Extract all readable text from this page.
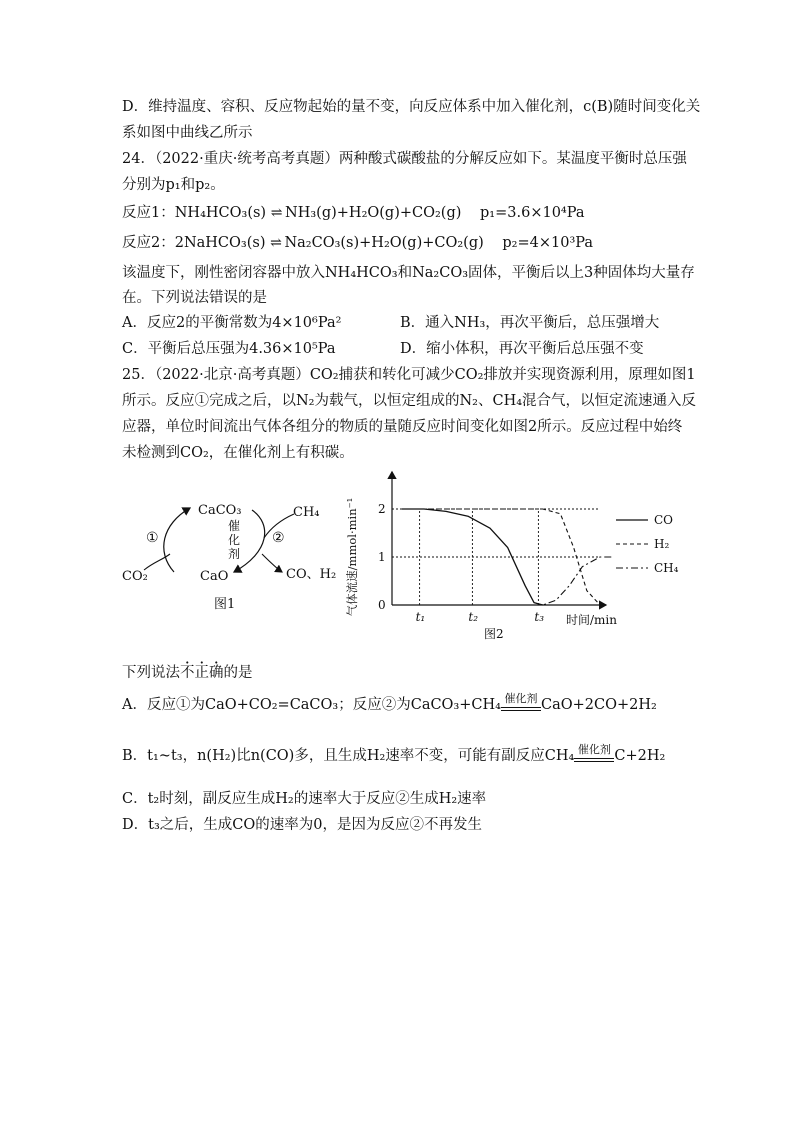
D．维持温度、容积、反应物起始的量不变，向反应体系中加入催化剂，c(B)随时间变化关
系如图中曲线乙所示
24．（2022·重庆·统考高考真题）两种酸式碳酸盐的分解反应如下。某温度平衡时总压强
分别为p₁和p₂。
反应1：NH₄HCO₃(s) ⇌ NH₃(g)+H₂O(g)+CO₂(g) p₁=3.6×10⁴Pa
反应2：2NaHCO₃(s) ⇌ Na₂CO₃(s)+H₂O(g)+CO₂(g) p₂=4×10³Pa
该温度下，刚性密闭容器中放入NH₄HCO₃和Na₂CO₃固体，平衡后以上3种固体均大量存
在。下列说法错误的是
A．反应2的平衡常数为4×10⁶Pa²	B．通入NH₃，再次平衡后，总压强增大
C．平衡后总压强为4.36×10⁵Pa	D．缩小体积，再次平衡后总压强不变
25．（2022·北京·高考真题）CO₂捕获和转化可减少CO₂排放并实现资源利用，原理如图1
所示。反应①完成之后，以N₂为载气，以恒定组成的N₂、CH₄混合气，以恒定流速通入反
应器，单位时间流出气体各组分的物质的量随反应时间变化如图2所示。反应过程中始终
未检测到CO₂，在催化剂上有积碳。
CaCO₃	CH₄
催
化
剂
①	②
CO₂	CaO	CO、H₂
图1	气体流速/mmol·min⁻¹
时间/min
图2
0
1
2
t₁	t₂	t₃
CO
H₂
CH₄
下列说法不正确的是
A．反应①为CaO+CO₂=CaCO₃；反应②为CaCO₃+CH₄ 催化剂 CaO+2CO+2H₂
B．t₁~t₃，n(H₂)比n(CO)多，且生成H₂速率不变，可能有副反应CH₄ 催化剂 C+2H₂
C．t₂时刻，副反应生成H₂的速率大于反应②生成H₂速率
D．t₃之后，生成CO的速率为0，是因为反应②不再发生
